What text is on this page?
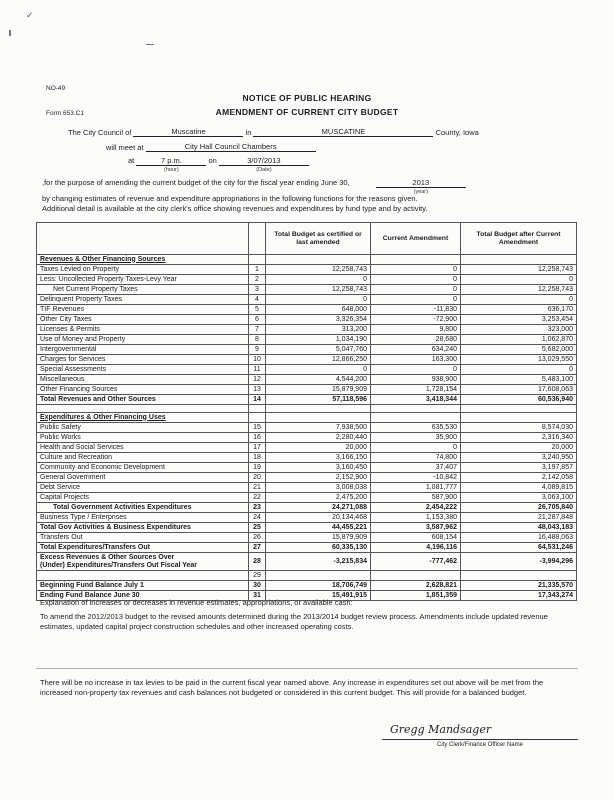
✓
NO-49
Form 653.C1
NOTICE OF PUBLIC HEARING
AMENDMENT OF CURRENT CITY BUDGET
The City Council of	Muscatine	in	MUSCATINE	County, Iowa
will meet at	City Hall Council Chambers
at	7 p.m.
(hour)
on	3/07/2013
(Date)
,for the purpose of amending the current budget of the city for the fiscal year ending June 30,	2013
(year)
by changing estimates of revenue and expenditure appropriations in the following functions for the reasons given.
Additional detail is available at the city clerk's office showing revenues and expenditures by fund type and by activity.
		Total Budget as certified or last amended	Current Amendment	Total Budget after Current Amendment
Revenues & Other Financing Sources				
Taxes Levied on Property	1	12,258,743	0	12,258,743
Less: Uncollected Property Taxes-Levy Year	2	0	0	0
Net Current Property Taxes	3	12,258,743	0	12,258,743
Delinquent Property Taxes	4	0	0	0
TIF Revenues	5	648,000	-11,830	636,170
Other City Taxes	6	3,326,354	-72,900	3,253,454
Licenses & Permits	7	313,200	9,800	323,000
Use of Money and Property	8	1,034,190	28,680	1,062,870
Intergovernmental	9	5,047,760	634,240	5,682,000
Charges for Services	10	12,866,250	163,300	13,029,550
Special Assessments	11	0	0	0
Miscellaneous	12	4,544,200	938,900	5,483,100
Other Financing Sources	13	15,879,909	1,728,154	17,608,063
Total Revenues and Other Sources	14	57,118,596	3,418,344	60,536,940

Expenditures & Other Financing Uses				
Public Safety	15	7,938,500	635,530	8,574,030
Public Works	16	2,280,440	35,900	2,316,340
Health and Social Services	17	20,000	0	20,000
Culture and Recreation	18	3,166,150	74,800	3,240,950
Community and Economic Development	19	3,160,450	37,407	3,197,857
General Government	20	2,152,900	-10,842	2,142,058
Debt Service	21	3,008,038	1,081,777	4,089,815
Capital Projects	22	2,475,200	587,900	3,063,100
Total Government Activities Expenditures	23	24,271,088	2,454,222	26,705,840
Business Type / Enterprises	24	20,134,468	1,153,380	21,287,848
Total Gov Activities & Business Expenditures	25	44,455,221	3,587,962	48,043,183
Transfers Out	26	15,879,909	608,154	16,488,063
Total Expenditures/Transfers Out	27	60,335,130	4,196,116	64,531,246

Excess Revenues & Other Sources Over
(Under) Expenditures/Transfers Out Fiscal Year	28	-3,215,834	-777,462	-3,994,296
	29			
Beginning Fund Balance July 1	30	18,706,749	2,628,821	21,335,570
Ending Fund Balance June 30	31	15,491,915	1,851,359	17,343,274
Explanation of increases or decreases in revenue estimates, appropriations, or available cash:
To amend the 2012/2013 budget to the revised amounts determined during the 2013/2014 budget review process. Amendments include updated revenue estimates, updated capital project construction schedules and other increased operating costs.
There will be no increase in tax levies to be paid in the current fiscal year named above. Any increase in expenditures set out above will be met from the increased non-property tax revenues and cash balances not budgeted or considered in this current budget. This will provide for a balanced budget.
Gregg Mandsager
City Clerk/Finance Officer Name
